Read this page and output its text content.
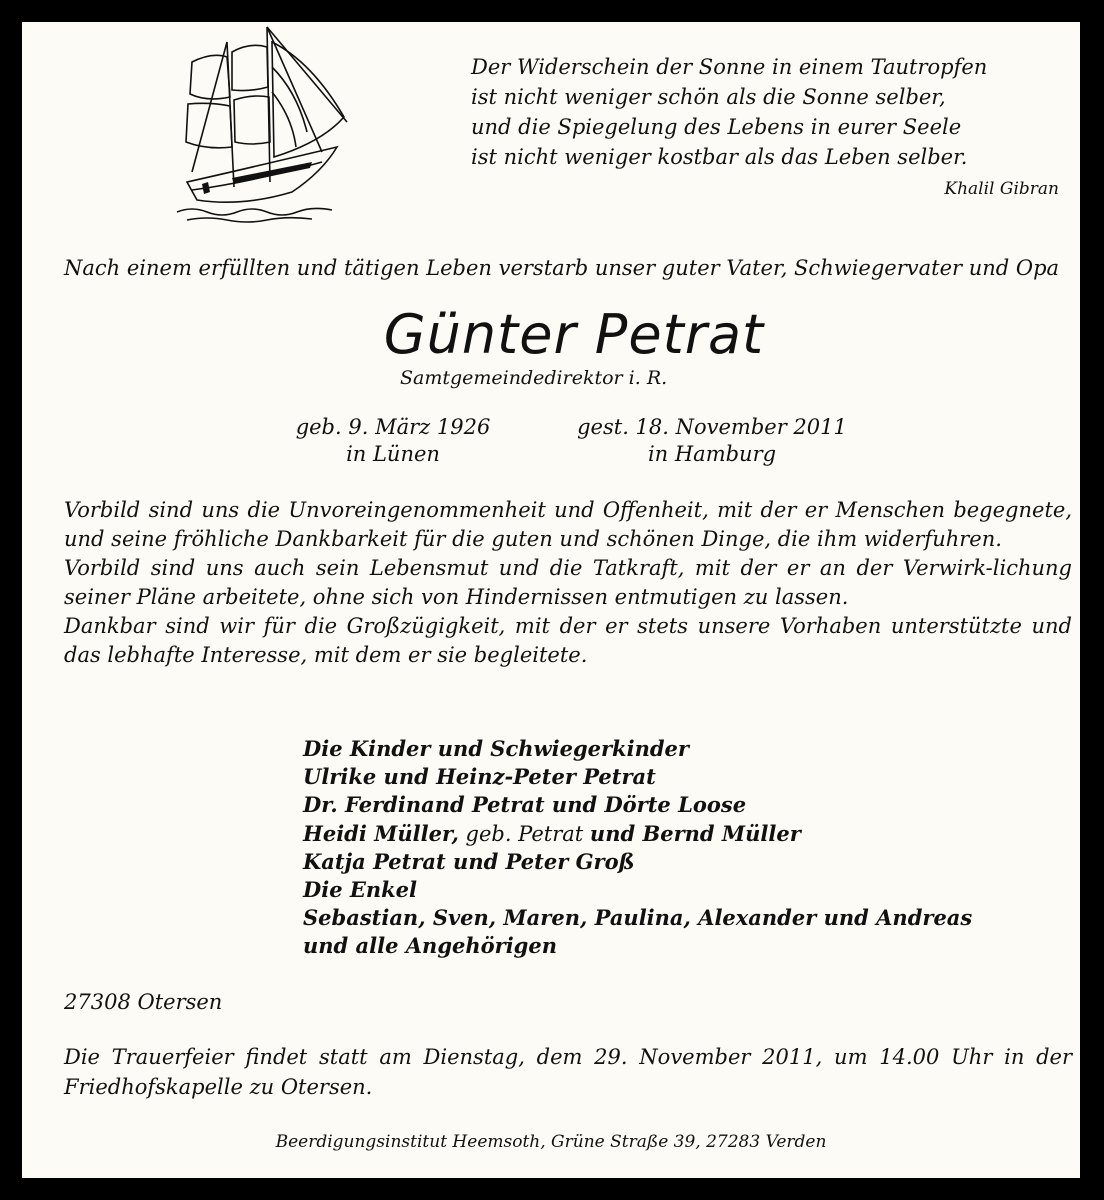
Der Widerschein der Sonne in einem Tautropfen
ist nicht weniger schön als die Sonne selber,
und die Spiegelung des Lebens in eurer Seele
ist nicht weniger kostbar als das Leben selber.
Khalil Gibran
Nach einem erfüllten und tätigen Leben verstarb unser guter Vater, Schwiegervater und Opa
Günter Petrat
Samtgemeindedirektor i. R.
geb. 9. März 1926
in Lünen
gest. 18. November 2011
in Hamburg

Vorbild sind uns die Unvoreingenommenheit und Offenheit, mit der er Menschen begegnete, und seine fröhliche Dankbarkeit für die guten und schönen Dinge, die ihm widerfuhren.

Vorbild sind uns auch sein Lebensmut und die Tatkraft, mit der er an der Verwirk-lichung seiner Pläne arbeitete, ohne sich von Hindernissen entmutigen zu lassen.

Dankbar sind wir für die Großzügigkeit, mit der er stets unsere Vorhaben unterstützte und das lebhafte Interesse, mit dem er sie begleitete.

Die Kinder und Schwiegerkinder
Ulrike und Heinz-Peter Petrat
Dr. Ferdinand Petrat und Dörte Loose
Heidi Müller, geb. Petrat und Bernd Müller
Katja Petrat und Peter Groß
Die Enkel
Sebastian, Sven, Maren, Paulina, Alexander und Andreas
und alle Angehörigen
27308 Otersen
Die Trauerfeier findet statt am Dienstag, dem 29. November 2011, um 14.00 Uhr in der Friedhofskapelle zu Otersen.
Beerdigungsinstitut Heemsoth, Grüne Straße 39, 27283 Verden
